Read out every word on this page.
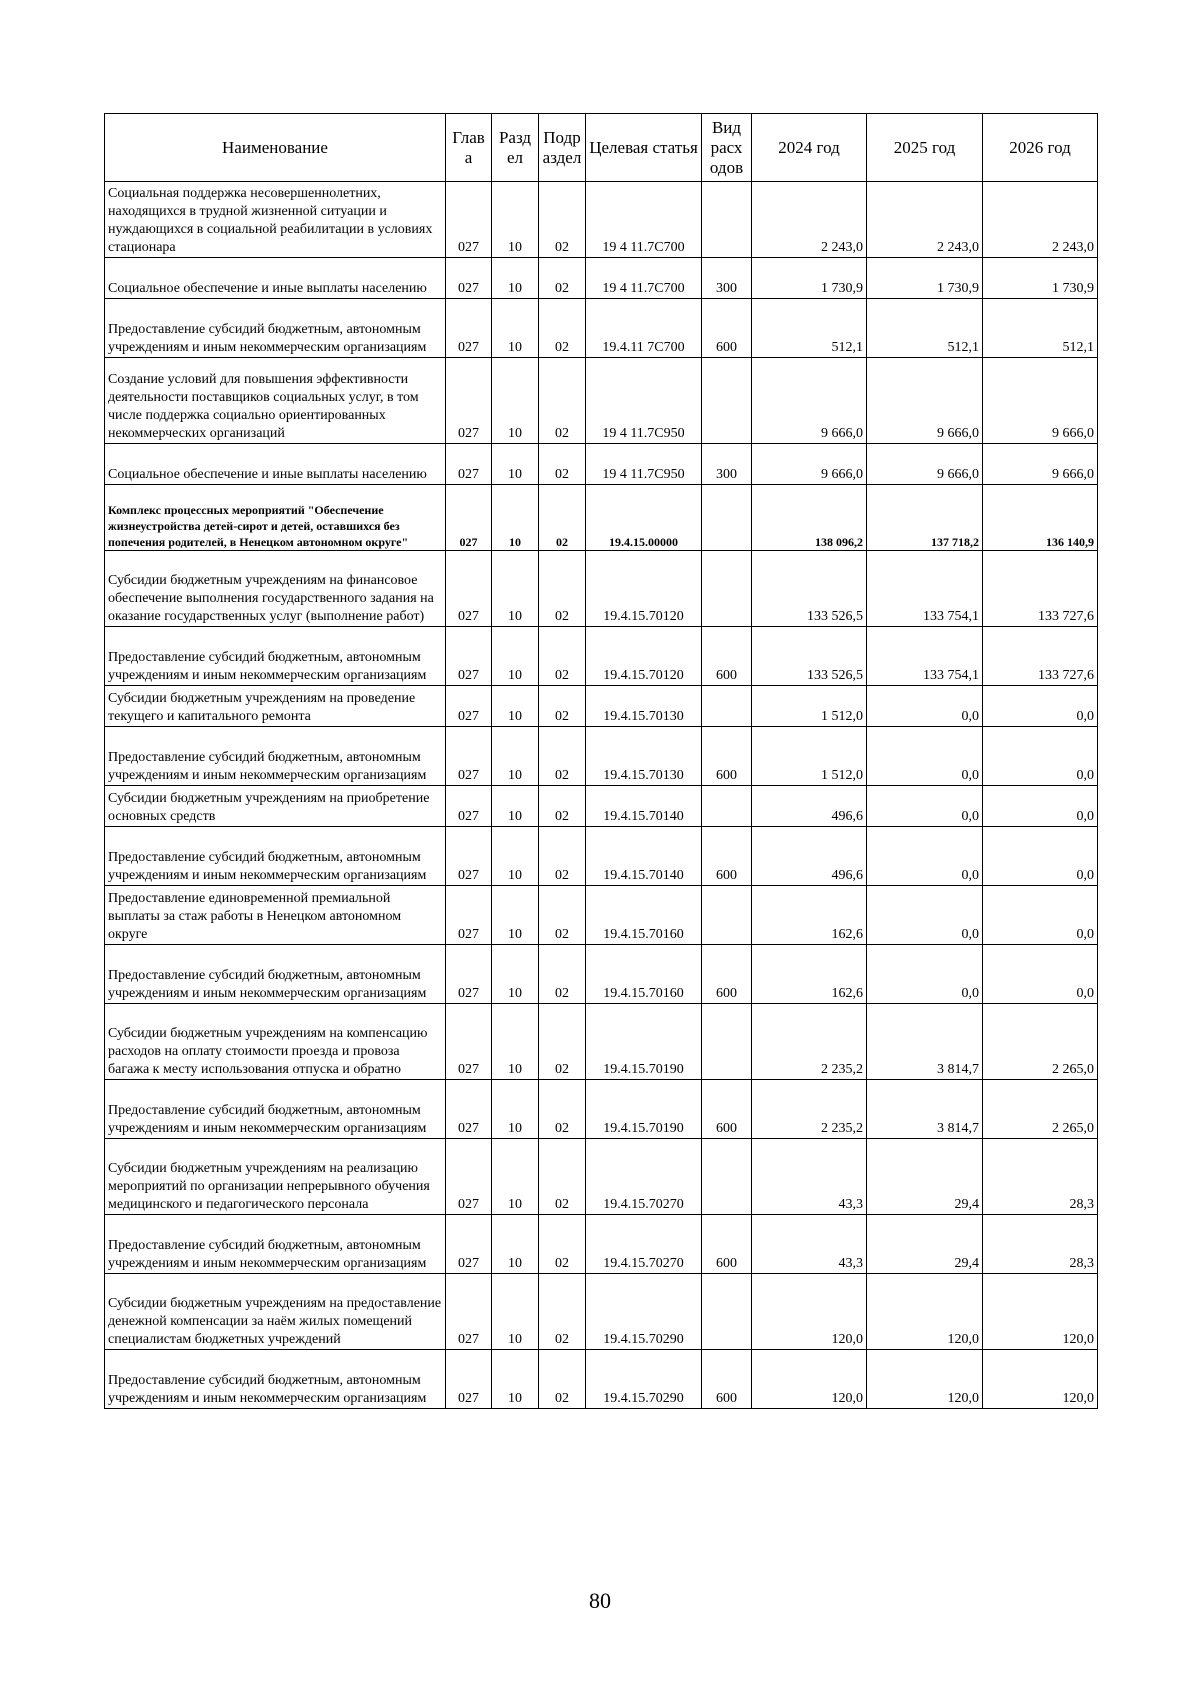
Наименование	Глав а	Разд ел	Подр аздел	Целевая статья	Вид расх одов	2024 год	2025 год	2026 год
Социальная поддержка несовершеннолетних, находящихся в трудной жизненной ситуации и нуждающихся в социальной реабилитации в условиях стационара	027	10	02	19 4 11.7С700		2 243,0	2 243,0	2 243,0
Социальное обеспечение и иные выплаты населению	027	10	02	19 4 11.7С700	300	1 730,9	1 730,9	1 730,9
Предоставление субсидий бюджетным, автономным учреждениям и иным некоммерческим организациям	027	10	02	19.4.11 7С700	600	512,1	512,1	512,1
Создание условий для повышения эффективности деятельности поставщиков социальных услуг, в том числе поддержка социально ориентированных некоммерческих организаций	027	10	02	19 4 11.7С950		9 666,0	9 666,0	9 666,0
Социальное обеспечение и иные выплаты населению	027	10	02	19 4 11.7С950	300	9 666,0	9 666,0	9 666,0
Комплекс процессных мероприятий "Обеспечение жизнеустройства детей-сирот и детей, оставшихся без попечения родителей, в Ненецком автономном округе"	027	10	02	19.4.15.00000		138 096,2	137 718,2	136 140,9
Субсидии бюджетным учреждениям на финансовое обеспечение выполнения государственного задания на оказание государственных услуг (выполнение работ)	027	10	02	19.4.15.70120		133 526,5	133 754,1	133 727,6
Предоставление субсидий бюджетным, автономным учреждениям и иным некоммерческим организациям	027	10	02	19.4.15.70120	600	133 526,5	133 754,1	133 727,6
Субсидии бюджетным учреждениям на проведение текущего и капитального ремонта	027	10	02	19.4.15.70130		1 512,0	0,0	0,0
Предоставление субсидий бюджетным, автономным учреждениям и иным некоммерческим организациям	027	10	02	19.4.15.70130	600	1 512,0	0,0	0,0
Субсидии бюджетным учреждениям на приобретение основных средств	027	10	02	19.4.15.70140		496,6	0,0	0,0
Предоставление субсидий бюджетным, автономным учреждениям и иным некоммерческим организациям	027	10	02	19.4.15.70140	600	496,6	0,0	0,0
Предоставление единовременной премиальной выплаты за стаж работы в Ненецком автономном округе	027	10	02	19.4.15.70160		162,6	0,0	0,0
Предоставление субсидий бюджетным, автономным учреждениям и иным некоммерческим организациям	027	10	02	19.4.15.70160	600	162,6	0,0	0,0
Субсидии бюджетным учреждениям на компенсацию расходов на оплату стоимости проезда и провоза багажа к месту использования отпуска и обратно	027	10	02	19.4.15.70190		2 235,2	3 814,7	2 265,0
Предоставление субсидий бюджетным, автономным учреждениям и иным некоммерческим организациям	027	10	02	19.4.15.70190	600	2 235,2	3 814,7	2 265,0
Субсидии бюджетным учреждениям на реализацию мероприятий по организации непрерывного обучения медицинского и педагогического персонала	027	10	02	19.4.15.70270		43,3	29,4	28,3
Предоставление субсидий бюджетным, автономным учреждениям и иным некоммерческим организациям	027	10	02	19.4.15.70270	600	43,3	29,4	28,3
Субсидии бюджетным учреждениям на предоставление денежной компенсации за наём жилых помещений специалистам бюджетных учреждений	027	10	02	19.4.15.70290		120,0	120,0	120,0
Предоставление субсидий бюджетным, автономным учреждениям и иным некоммерческим организациям	027	10	02	19.4.15.70290	600	120,0	120,0	120,0
80
